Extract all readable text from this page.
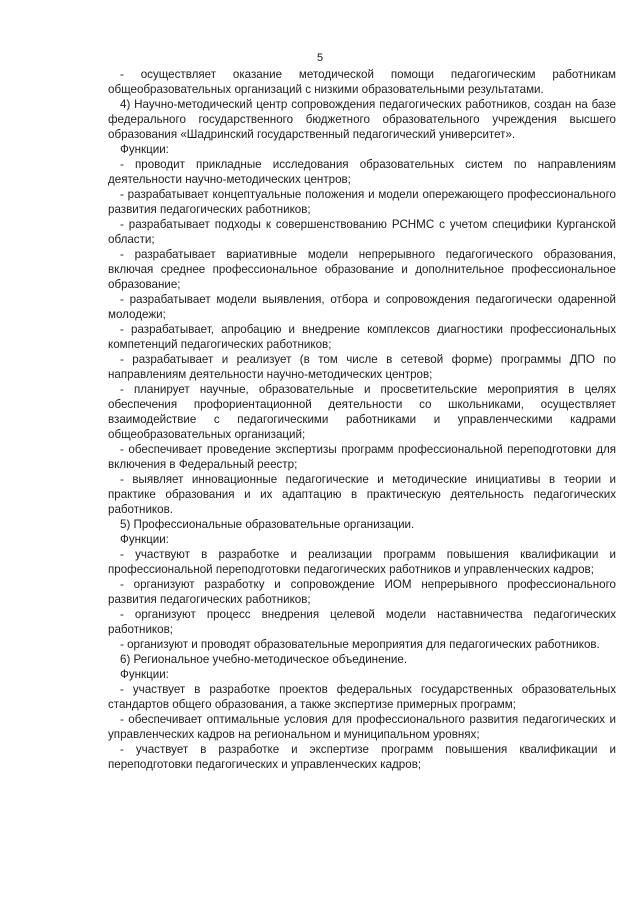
5

- осуществляет оказание методической помощи педагогическим работникам общеобразовательных организаций с низкими образовательными результатами.

4) Научно-методический центр сопровождения педагогических работников, создан на базе федерального государственного бюджетного образовательного учреждения высшего образования «Шадринский государственный педагогический университет».

Функции:

- проводит прикладные исследования образовательных систем по направлениям деятельности научно-методических центров;

- разрабатывает концептуальные положения и модели опережающего профессионального развития педагогических работников;

- разрабатывает подходы к совершенствованию РСНМС с учетом специфики Курганской области;

- разрабатывает вариативные модели непрерывного педагогического образования, включая среднее профессиональное образование и дополнительное профессиональное образование;

- разрабатывает модели выявления, отбора и сопровождения педагогически одаренной молодежи;

- разрабатывает, апробацию и внедрение комплексов диагностики профессиональных компетенций педагогических работников;

- разрабатывает и реализует (в том числе в сетевой форме) программы ДПО по направлениям деятельности научно-методических центров;

- планирует научные, образовательные и просветительские мероприятия в целях обеспечения профориентационной деятельности со школьниками, осуществляет взаимодействие с педагогическими работниками и управленческими кадрами общеобразовательных организаций;

- обеспечивает проведение экспертизы программ профессиональной переподготовки для включения в Федеральный реестр;

- выявляет инновационные педагогические и методические инициативы в теории и практике образования и их адаптацию в практическую деятельность педагогических работников.

5) Профессиональные образовательные организации.

Функции:

- участвуют в разработке и реализации программ повышения квалификации и профессиональной переподготовки педагогических работников и управленческих кадров;

- организуют разработку и сопровождение ИОМ непрерывного профессионального развития педагогических работников;

- организуют процесс внедрения целевой модели наставничества педагогических работников;

- организуют и проводят образовательные мероприятия для педагогических работников.

6) Региональное учебно-методическое объединение.

Функции:

- участвует в разработке проектов федеральных государственных образовательных стандартов общего образования, а также экспертизе примерных программ;

- обеспечивает оптимальные условия для профессионального развития педагогических и управленческих кадров на региональном и муниципальном уровнях;

- участвует в разработке и экспертизе программ повышения квалификации и переподготовки педагогических и управленческих кадров;
